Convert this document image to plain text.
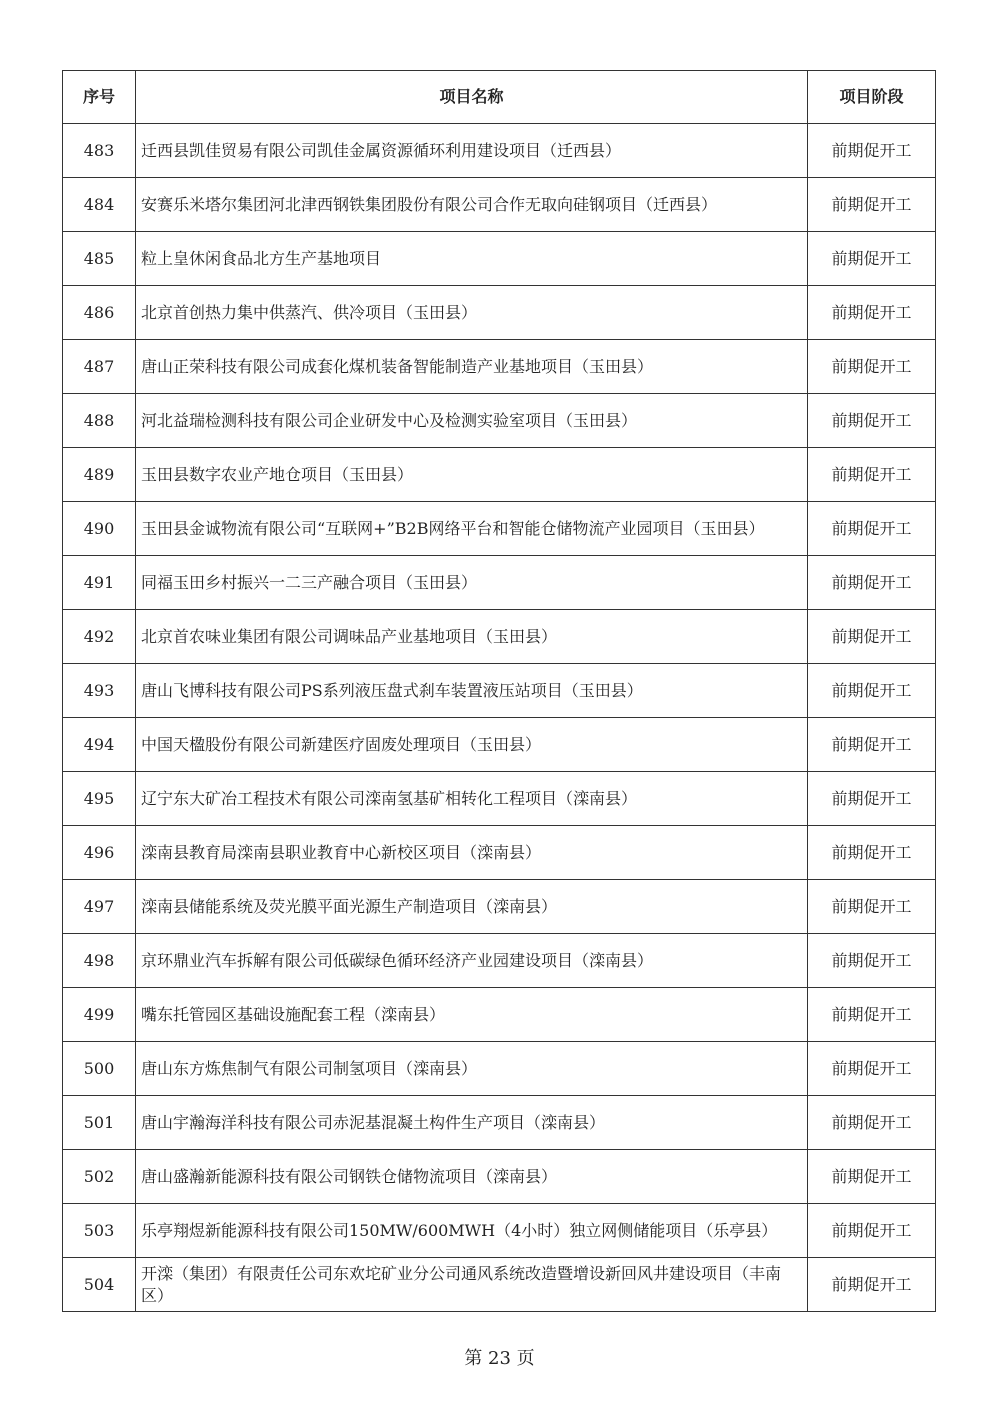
序号	项目名称	项目阶段
483	迁西县凯佳贸易有限公司凯佳金属资源循环利用建设项目（迁西县）	前期促开工
484	安赛乐米塔尔集团河北津西钢铁集团股份有限公司合作无取向硅钢项目（迁西县）	前期促开工
485	粒上皇休闲食品北方生产基地项目	前期促开工
486	北京首创热力集中供蒸汽、供冷项目（玉田县）	前期促开工
487	唐山正荣科技有限公司成套化煤机装备智能制造产业基地项目（玉田县）	前期促开工
488	河北益瑞检测科技有限公司企业研发中心及检测实验室项目（玉田县）	前期促开工
489	玉田县数字农业产地仓项目（玉田县）	前期促开工
490	玉田县金诚物流有限公司“互联网+”B2B网络平台和智能仓储物流产业园项目（玉田县）	前期促开工
491	同福玉田乡村振兴一二三产融合项目（玉田县）	前期促开工
492	北京首农味业集团有限公司调味品产业基地项目（玉田县）	前期促开工
493	唐山飞博科技有限公司PS系列液压盘式刹车装置液压站项目（玉田县）	前期促开工
494	中国天楹股份有限公司新建医疗固废处理项目（玉田县）	前期促开工
495	辽宁东大矿冶工程技术有限公司滦南氢基矿相转化工程项目（滦南县）	前期促开工
496	滦南县教育局滦南县职业教育中心新校区项目（滦南县）	前期促开工
497	滦南县储能系统及荧光膜平面光源生产制造项目（滦南县）	前期促开工
498	京环鼎业汽车拆解有限公司低碳绿色循环经济产业园建设项目（滦南县）	前期促开工
499	嘴东托管园区基础设施配套工程（滦南县）	前期促开工
500	唐山东方炼焦制气有限公司制氢项目（滦南县）	前期促开工
501	唐山宇瀚海洋科技有限公司赤泥基混凝土构件生产项目（滦南县）	前期促开工
502	唐山盛瀚新能源科技有限公司钢铁仓储物流项目（滦南县）	前期促开工
503	乐亭翔煜新能源科技有限公司150MW/600MWH（4小时）独立网侧储能项目（乐亭县）	前期促开工
504	开滦（集团）有限责任公司东欢坨矿业分公司通风系统改造暨增设新回风井建设项目（丰南区）	前期促开工
第 23 页
